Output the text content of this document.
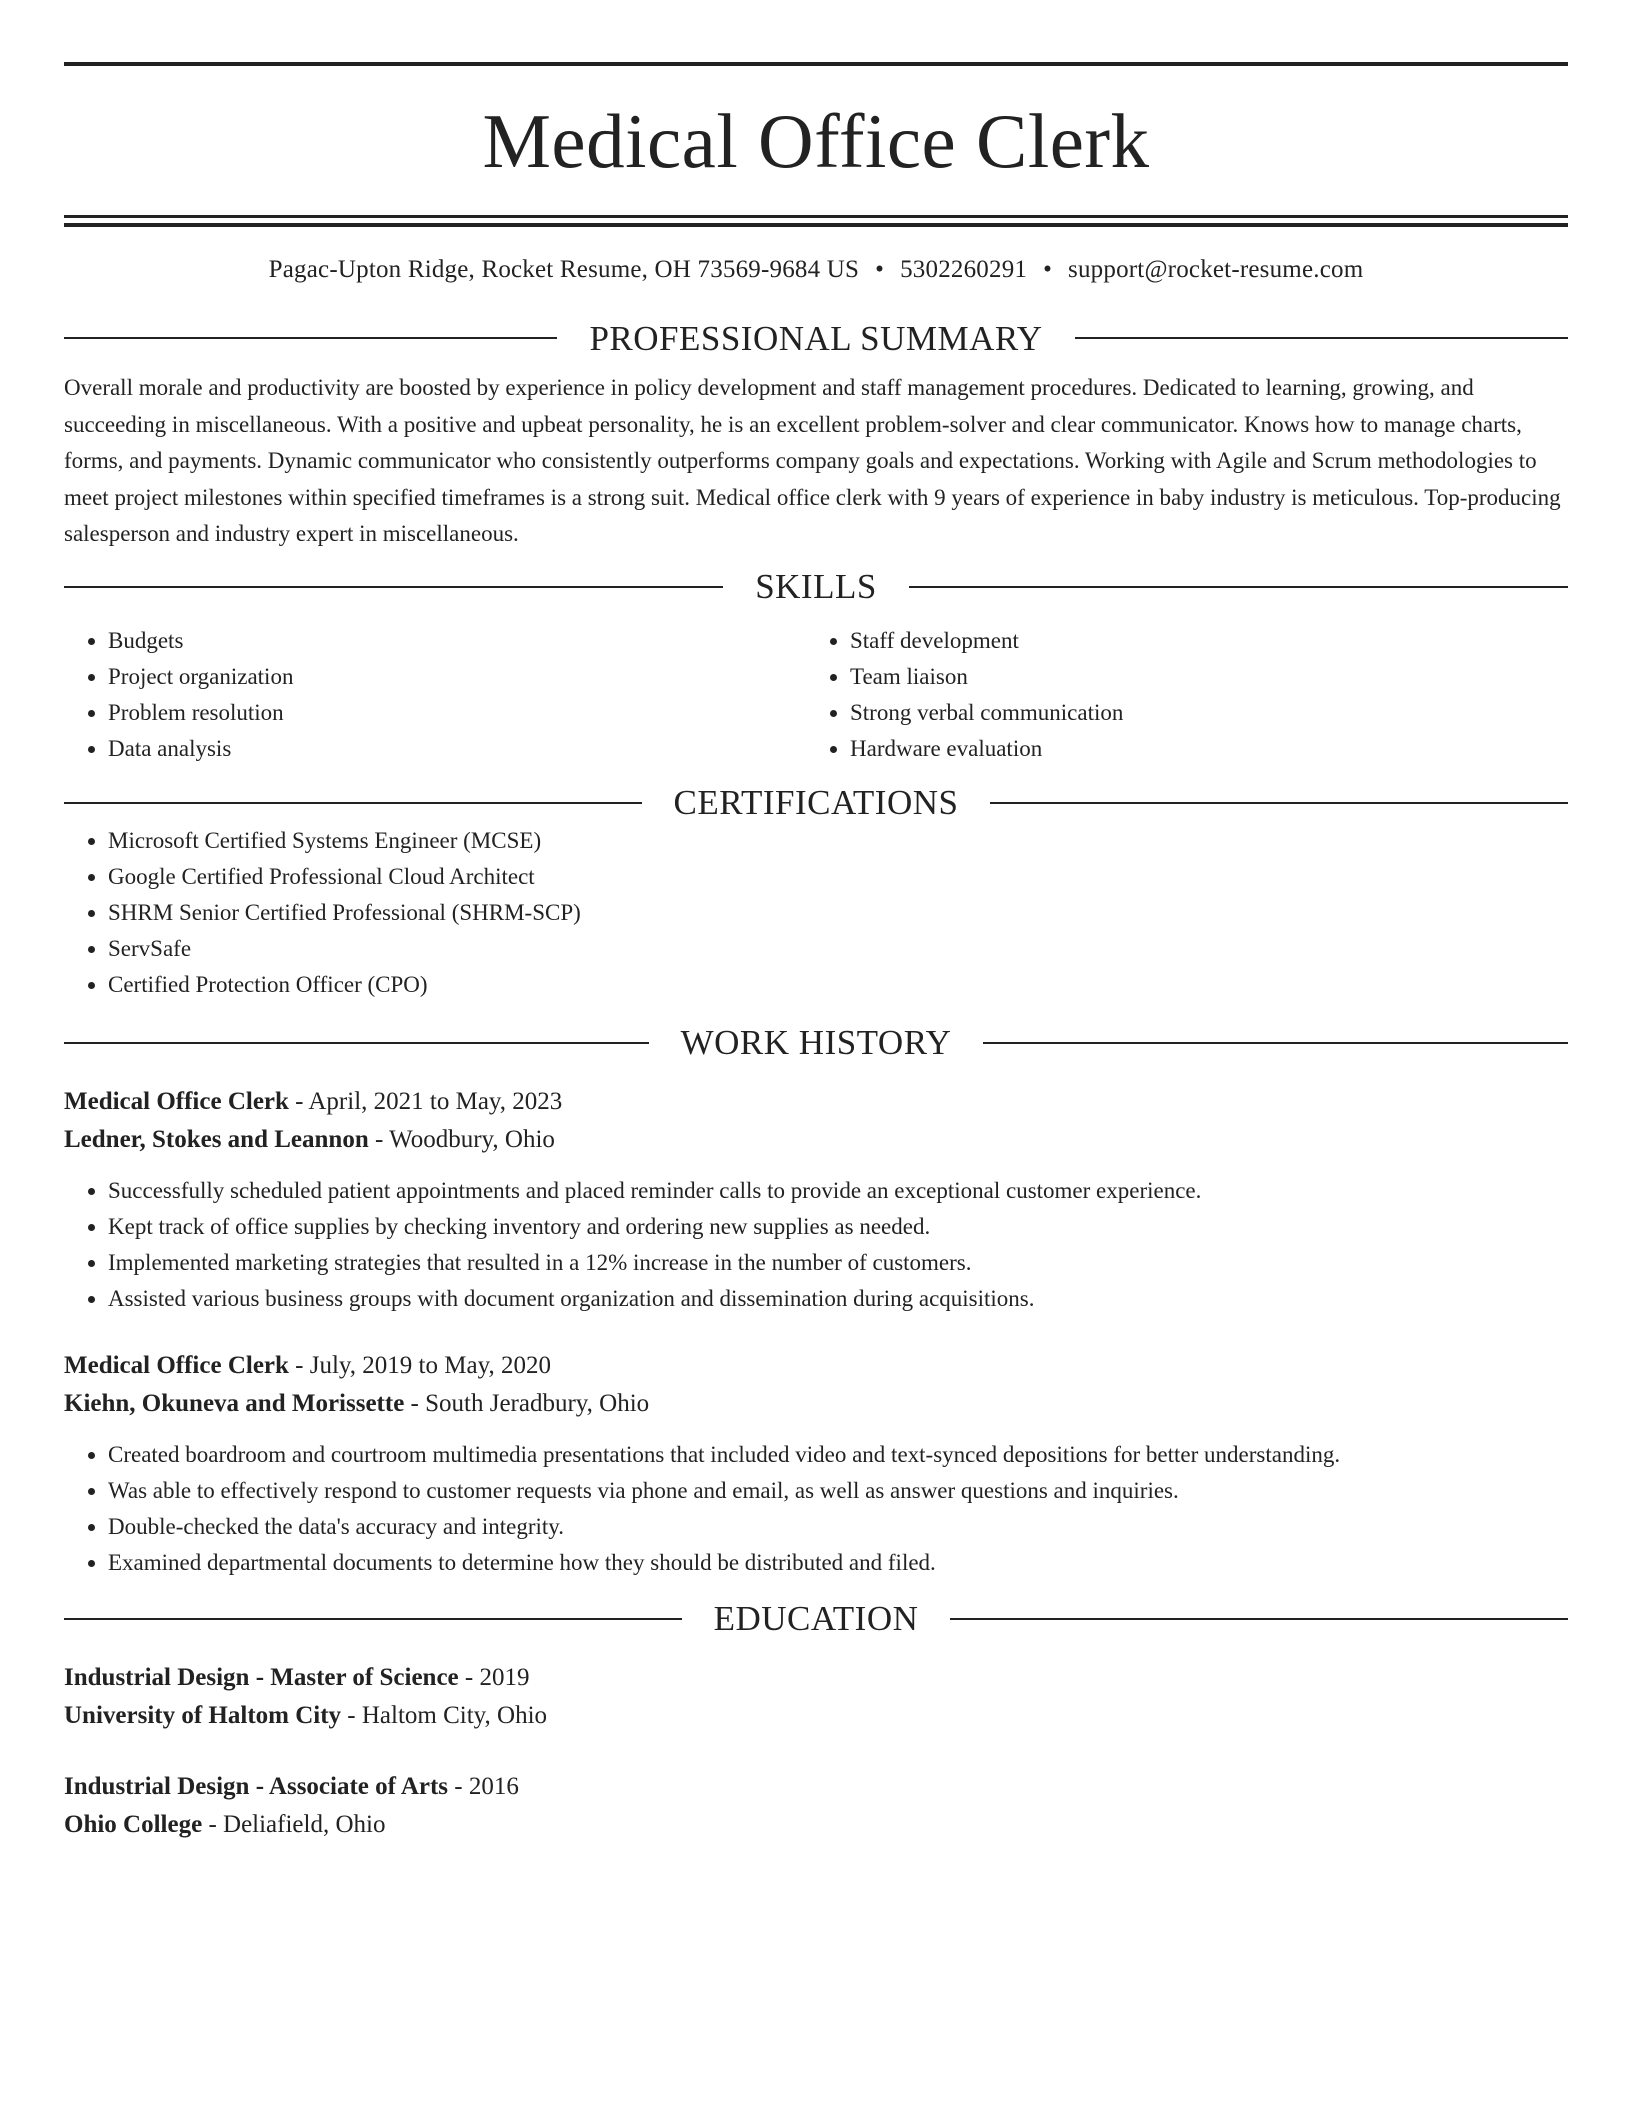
Medical Office Clerk
Pagac-Upton Ridge, Rocket Resume, OH 73569-9684 US • 5302260291 • support@rocket-resume.com
PROFESSIONAL SUMMARY
Overall morale and productivity are boosted by experience in policy development and staff management procedures. Dedicated to learning, growing, and succeeding in miscellaneous. With a positive and upbeat personality, he is an excellent problem-solver and clear communicator. Knows how to manage charts, forms, and payments. Dynamic communicator who consistently outperforms company goals and expectations. Working with Agile and Scrum methodologies to meet project milestones within specified timeframes is a strong suit. Medical office clerk with 9 years of experience in baby industry is meticulous. Top-producing salesperson and industry expert in miscellaneous.
SKILLS
• Budgets
• Project organization
• Problem resolution
• Data analysis
• Staff development
• Team liaison
• Strong verbal communication
• Hardware evaluation
CERTIFICATIONS
• Microsoft Certified Systems Engineer (MCSE)
• Google Certified Professional Cloud Architect
• SHRM Senior Certified Professional (SHRM-SCP)
• ServSafe
• Certified Protection Officer (CPO)
WORK HISTORY
Medical Office Clerk - April, 2021 to May, 2023
Ledner, Stokes and Leannon - Woodbury, Ohio
• Successfully scheduled patient appointments and placed reminder calls to provide an exceptional customer experience.
• Kept track of office supplies by checking inventory and ordering new supplies as needed.
• Implemented marketing strategies that resulted in a 12% increase in the number of customers.
• Assisted various business groups with document organization and dissemination during acquisitions.
Medical Office Clerk - July, 2019 to May, 2020
Kiehn, Okuneva and Morissette - South Jeradbury, Ohio
• Created boardroom and courtroom multimedia presentations that included video and text-synced depositions for better understanding.
• Was able to effectively respond to customer requests via phone and email, as well as answer questions and inquiries.
• Double-checked the data's accuracy and integrity.
• Examined departmental documents to determine how they should be distributed and filed.
EDUCATION
Industrial Design - Master of Science - 2019
University of Haltom City - Haltom City, Ohio
Industrial Design - Associate of Arts - 2016
Ohio College - Deliafield, Ohio
